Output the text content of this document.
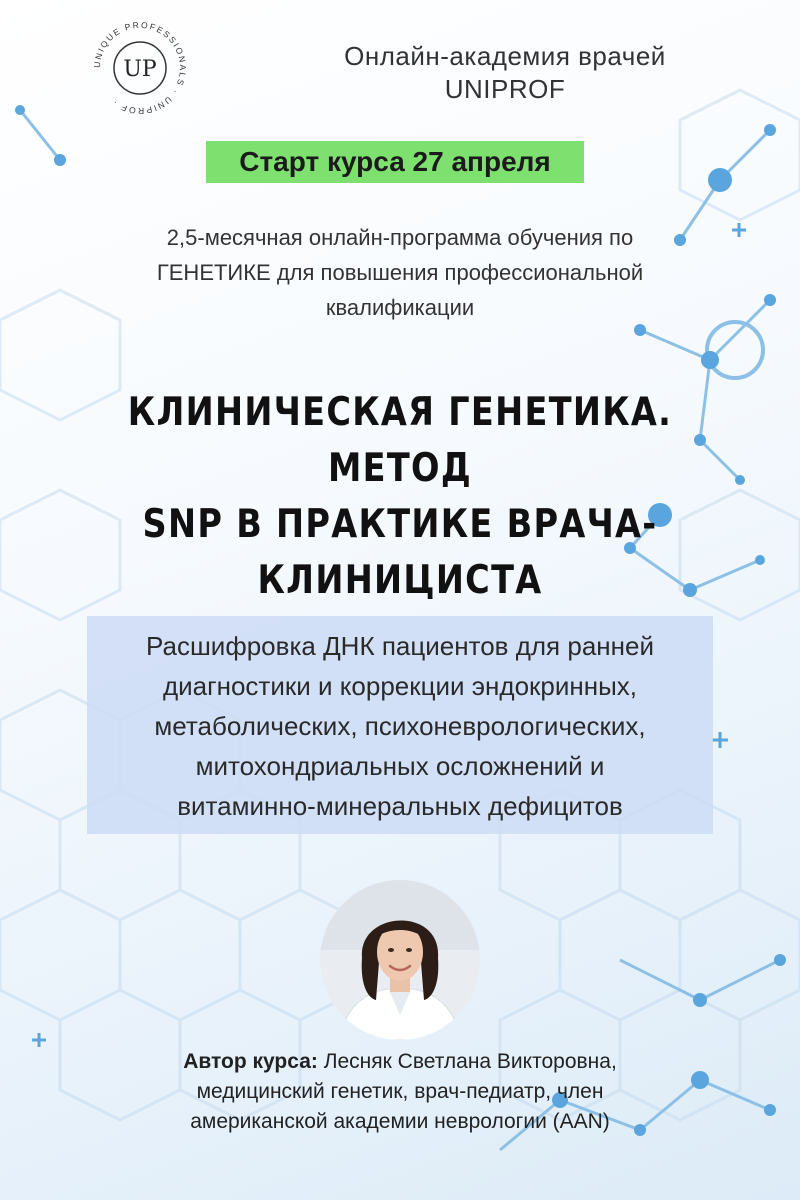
UNIQUE PROFESSIONALS · UNIPROF ·
UP	Онлайн-академия врачей
UNIPROF
Старт курса 27 апреля
2,5-месячная онлайн-программа обучения по
ГЕНЕТИКЕ для повышения профессиональной
квалификации
КЛИНИЧЕСКАЯ ГЕНЕТИКА. МЕТОД
SNP В ПРАКТИКЕ ВРАЧА-
КЛИНИЦИСТА
Расшифровка ДНК пациентов для ранней
диагностики и коррекции эндокринных,
метаболических, психоневрологических,
митохондриальных осложнений и
витаминно-минеральных дефицитов
Автор курса: Лесняк Светлана Викторовна,
медицинский генетик, врач-педиатр, член
американской академии неврологии (AAN)
